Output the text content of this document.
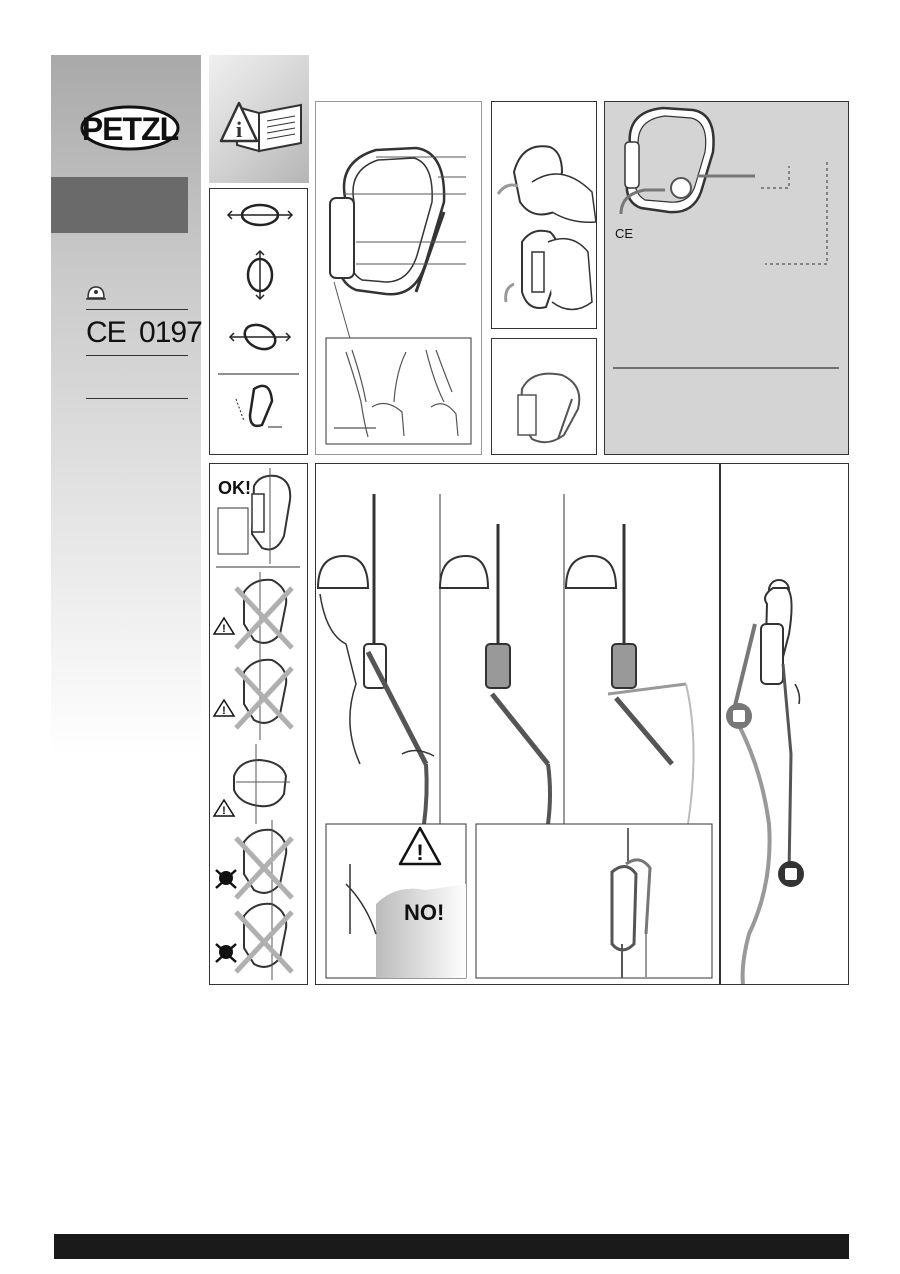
PETZL
CE 0197
i
CE
OK!
!
!
!
!
NO!
